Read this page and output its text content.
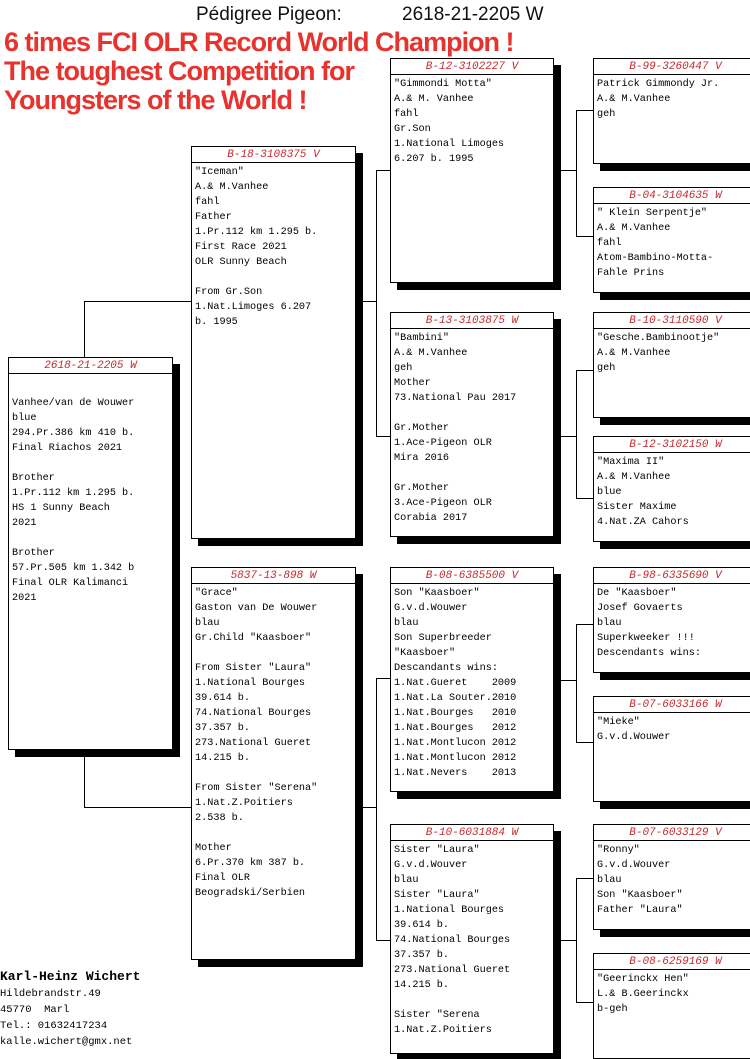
Pédigree Pigeon:	2618-21-2205 W
6 times FCI OLR Record World Champion !
The toughest Competition for
Youngsters of the World !
2618-21-2205 W
Vanhee/van de Wouwer
blue
294.Pr.386 km 410 b.
Final Riachos 2021

Brother
1.Pr.112 km 1.295 b.
HS 1 Sunny Beach
2021

Brother
57.Pr.505 km 1.342 b
Final OLR Kalimanci
2021
B-18-3108375 V
"Iceman"
A.& M.Vanhee
fahl
Father
1.Pr.112 km 1.295 b.
First Race 2021
OLR Sunny Beach

From Gr.Son
1.Nat.Limoges 6.207
b. 1995
5837-13-898 W
"Grace"
Gaston van De Wouwer
blau
Gr.Child "Kaasboer"

From Sister "Laura"
1.National Bourges
39.614 b.
74.National Bourges
37.357 b.
273.National Gueret
14.215 b.

From Sister "Serena"
1.Nat.Z.Poitiers
2.538 b.

Mother
6.Pr.370 km 387 b.
Final OLR
Beogradski/Serbien
B-12-3102227 V
"Gimmondi Motta"
A.& M. Vanhee
fahl
Gr.Son
1.National Limoges
6.207 b. 1995
B-13-3103875 W
"Bambini"
A.& M.Vanhee
geh
Mother
73.National Pau 2017

Gr.Mother
1.Ace-Pigeon OLR
Mira 2016

Gr.Mother
3.Ace-Pigeon OLR
Corabia 2017
B-08-6385500 V
Son "Kaasboer"
G.v.d.Wouwer
blau
Son Superbreeder
"Kaasboer"
Descandants wins:
1.Nat.Gueret    2009
1.Nat.La Souter.2010
1.Nat.Bourges   2010
1.Nat.Bourges   2012
1.Nat.Montlucon 2012
1.Nat.Montlucon 2012
1.Nat.Nevers    2013
B-10-6031884 W
Sister "Laura"
G.v.d.Wouver
blau
Sister "Laura"
1.National Bourges
39.614 b.
74.National Bourges
37.357 b.
273.National Gueret
14.215 b.

Sister "Serena
1.Nat.Z.Poitiers
B-99-3260447 V
Patrick Gimmondy Jr.
A.& M.Vanhee
geh
B-04-3104635 W
" Klein Serpentje"
A.& M.Vanhee
fahl
Atom-Bambino-Motta-
Fahle Prins
B-10-3110590 V
"Gesche.Bambinootje"
A.& M.Vanhee
geh
B-12-3102150 W
"Maxima II"
A.& M.Vanhee
blue
Sister Maxime
4.Nat.ZA Cahors
B-98-6335690 V
De "Kaasboer"
Josef Govaerts
blau
Superkweeker !!!
Descendants wins:
B-07-6033166 W
"Mieke"
G.v.d.Wouwer
B-07-6033129 V
"Ronny"
G.v.d.Wouver
blau
Son "Kaasboer"
Father "Laura"
B-08-6259169 W
"Geerinckx Hen"
L.& B.Geerinckx
b-geh
Karl-Heinz Wichert
Hildebrandstr.49
45770  Marl
Tel.: 01632417234
kalle.wichert@gmx.net
